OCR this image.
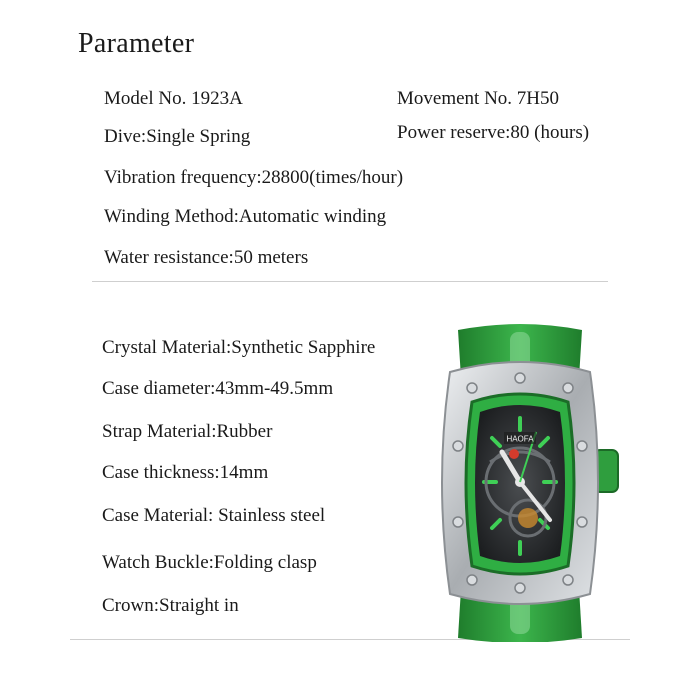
Parameter
Model No. 1923A	Movement No. 7H50
Dive:Single Spring	Power reserve:80 (hours)
Vibration frequency:28800(times/hour)
Winding Method:Automatic winding
Water resistance:50 meters
Crystal Material:Synthetic Sapphire
Case diameter:43mm-49.5mm
Strap Material:Rubber
Case thickness:14mm
Case Material: Stainless steel
Watch Buckle:Folding clasp
Crown:Straight in
HAOFA
